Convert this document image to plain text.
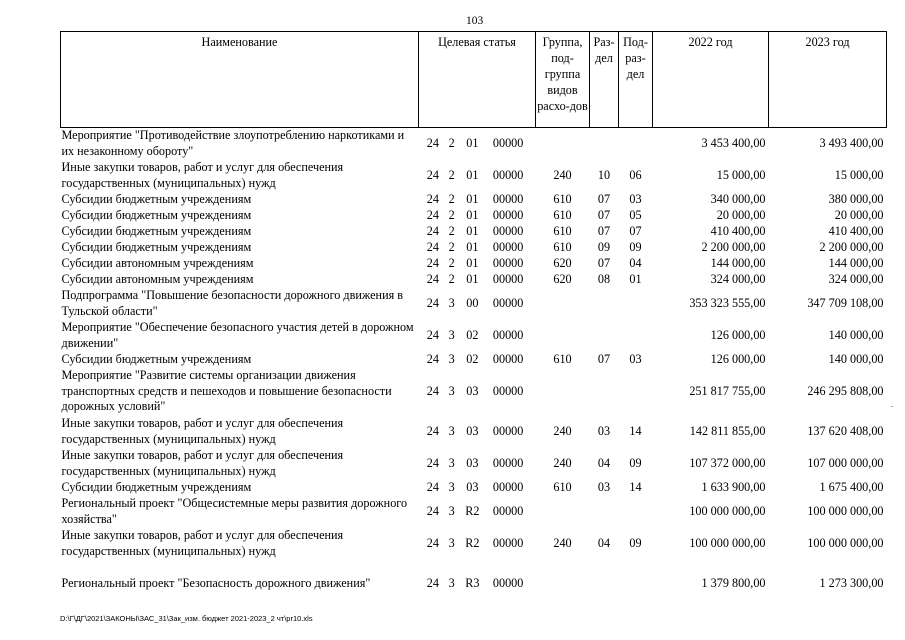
103
Наименование	Целевая статья	Группа, под-группа видов расхо-дов	Раз-дел	Под-раз-дел	2022 год	2023 год
Мероприятие "Противодействие злоупотреблению наркотиками и их незаконному обороту"	24 2 01 00000				3 453 400,00	3 493 400,00
Иные закупки товаров, работ и услуг для обеспечения государственных (муниципальных) нужд	24 2 01 00000	240	10	06	15 000,00	15 000,00
Субсидии бюджетным учреждениям	24 2 01 00000	610	07	03	340 000,00	380 000,00
Субсидии бюджетным учреждениям	24 2 01 00000	610	07	05	20 000,00	20 000,00
Субсидии бюджетным учреждениям	24 2 01 00000	610	07	07	410 400,00	410 400,00
Субсидии бюджетным учреждениям	24 2 01 00000	610	09	09	2 200 000,00	2 200 000,00
Субсидии автономным учреждениям	24 2 01 00000	620	07	04	144 000,00	144 000,00
Субсидии автономным учреждениям	24 2 01 00000	620	08	01	324 000,00	324 000,00
Подпрограмма "Повышение безопасности дорожного движения в Тульской области"	24 3 00 00000				353 323 555,00	347 709 108,00
Мероприятие "Обеспечение безопасного участия детей в дорожном движении"	24 3 02 00000				126 000,00	140 000,00
Субсидии бюджетным учреждениям	24 3 02 00000	610	07	03	126 000,00	140 000,00
Мероприятие "Развитие системы организации движения транспортных средств и пешеходов и повышение безопасности дорожных условий"	24 3 03 00000				251 817 755,00	246 295 808,00
Иные закупки товаров, работ и услуг для обеспечения государственных (муниципальных) нужд	24 3 03 00000	240	03	14	142 811 855,00	137 620 408,00
Иные закупки товаров, работ и услуг для обеспечения государственных (муниципальных) нужд	24 3 03 00000	240	04	09	107 372 000,00	107 000 000,00
Субсидии бюджетным учреждениям	24 3 03 00000	610	03	14	1 633 900,00	1 675 400,00
Региональный проект "Общесистемные меры развития дорожного хозяйства"	24 3 R2 00000				100 000 000,00	100 000 000,00
Иные закупки товаров, работ и услуг для обеспечения государственных (муниципальных) нужд	24 3 R2 00000	240	04	09	100 000 000,00	100 000 000,00
Региональный проект "Безопасность дорожного движения"	24 3 R3 00000				1 379 800,00	1 273 300,00
.
D:\Г\ДГ\2021\ЗАКОНЫ\ЗАС_31\Зак_изм. бюджет 2021-2023_2 чт\pr10.xls
